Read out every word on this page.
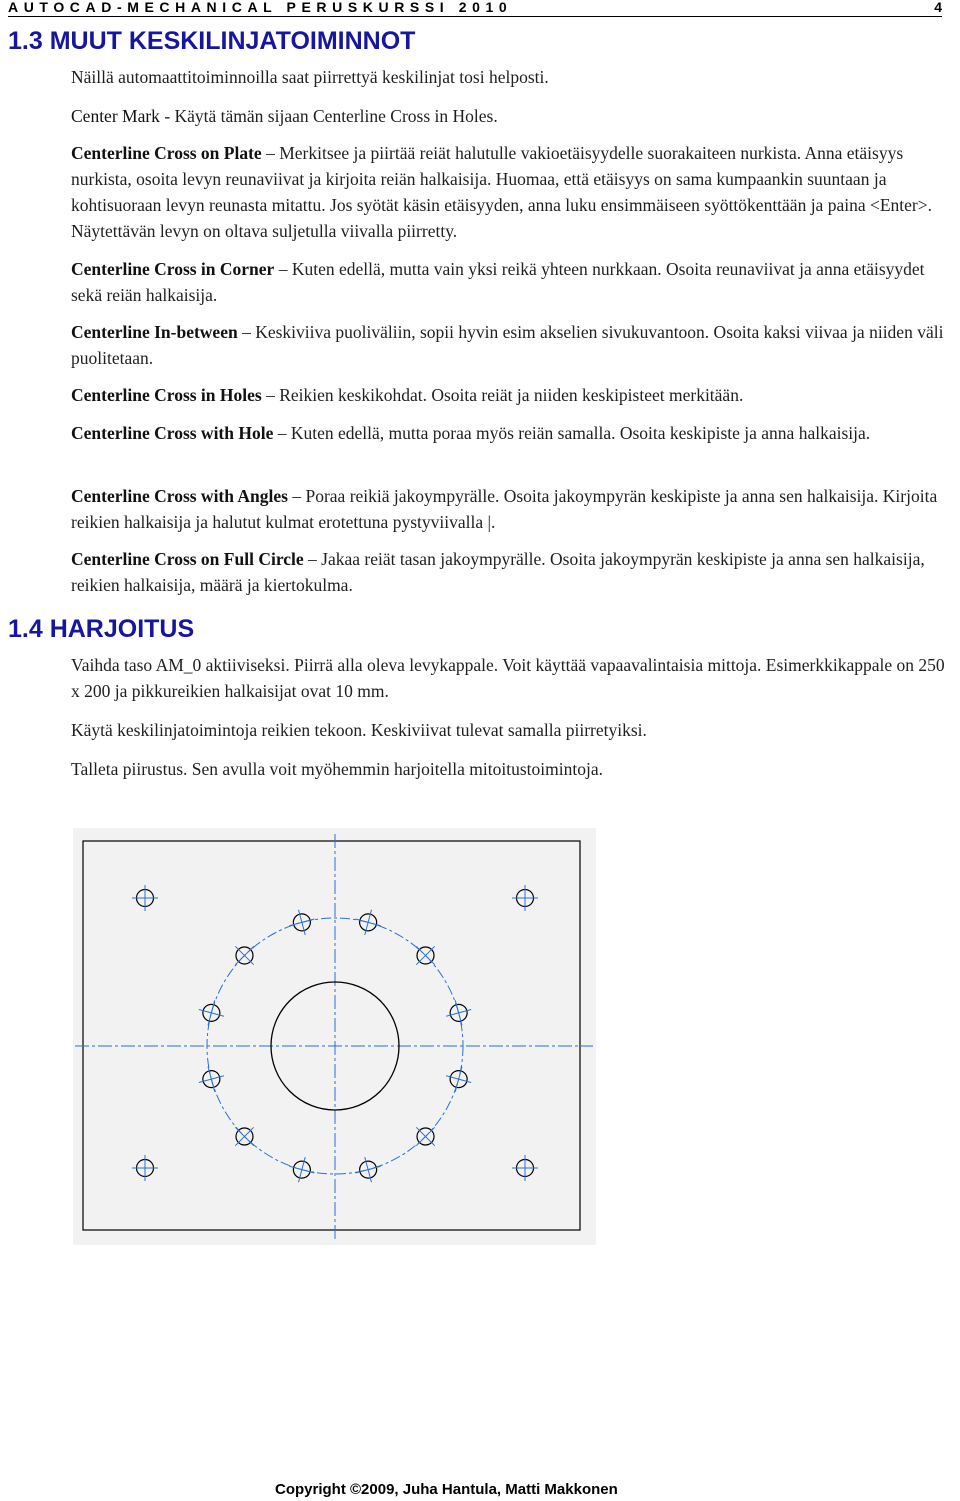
AUTOCAD-MECHANICAL PERUSKURSSI 2010	4
1.3 MUUT KESKILINJATOIMINNOT

Näillä automaattitoiminnoilla saat piirrettyä keskilinjat tosi helposti.

Center Mark - Käytä tämän sijaan Centerline Cross in Holes.

Centerline Cross on Plate – Merkitsee ja piirtää reiät halutulle vakioetäisyydelle suorakaiteen nurkista. Anna etäisyys nurkista, osoita levyn reunaviivat ja kirjoita reiän halkaisija. Huomaa, että etäisyys on sama kumpaankin suuntaan ja kohtisuoraan levyn reunasta mitattu. Jos syötät käsin etäisyyden, anna luku ensimmäiseen syöttökenttään ja paina <Enter>. Näytettävän levyn on oltava suljetulla viivalla piirretty.

Centerline Cross in Corner – Kuten edellä, mutta vain yksi reikä yhteen nurkkaan. Osoita reunaviivat ja anna etäisyydet sekä reiän halkaisija.

Centerline In-between – Keskiviiva puoliväliin, sopii hyvin esim akselien sivukuvantoon. Osoita kaksi viivaa ja niiden väli puolitetaan.

Centerline Cross in Holes – Reikien keskikohdat. Osoita reiät ja niiden keskipisteet merkitään.

Centerline Cross with Hole – Kuten edellä, mutta poraa myös reiän samalla. Osoita keskipiste ja anna halkaisija.

Centerline Cross with Angles – Poraa reikiä jakoympyrälle. Osoita jakoympyrän keskipiste ja anna sen halkaisija. Kirjoita reikien halkaisija ja halutut kulmat erotettuna pystyviivalla |.

Centerline Cross on Full Circle – Jakaa reiät tasan jakoympyrälle. Osoita jakoympyrän keskipiste ja anna sen halkaisija, reikien halkaisija, määrä ja kiertokulma.

1.4 HARJOITUS

Vaihda taso AM_0 aktiiviseksi. Piirrä alla oleva levykappale. Voit käyttää vapaavalintaisia mittoja. Esimerkkikappale on 250 x 200 ja pikkureikien halkaisijat ovat 10 mm.

Käytä keskilinjatoimintoja reikien tekoon. Keskiviivat tulevat samalla piirretyiksi.

Talleta piirustus. Sen avulla voit myöhemmin harjoitella mitoitustoimintoja.

Copyright ©2009, Juha Hantula, Matti Makkonen
